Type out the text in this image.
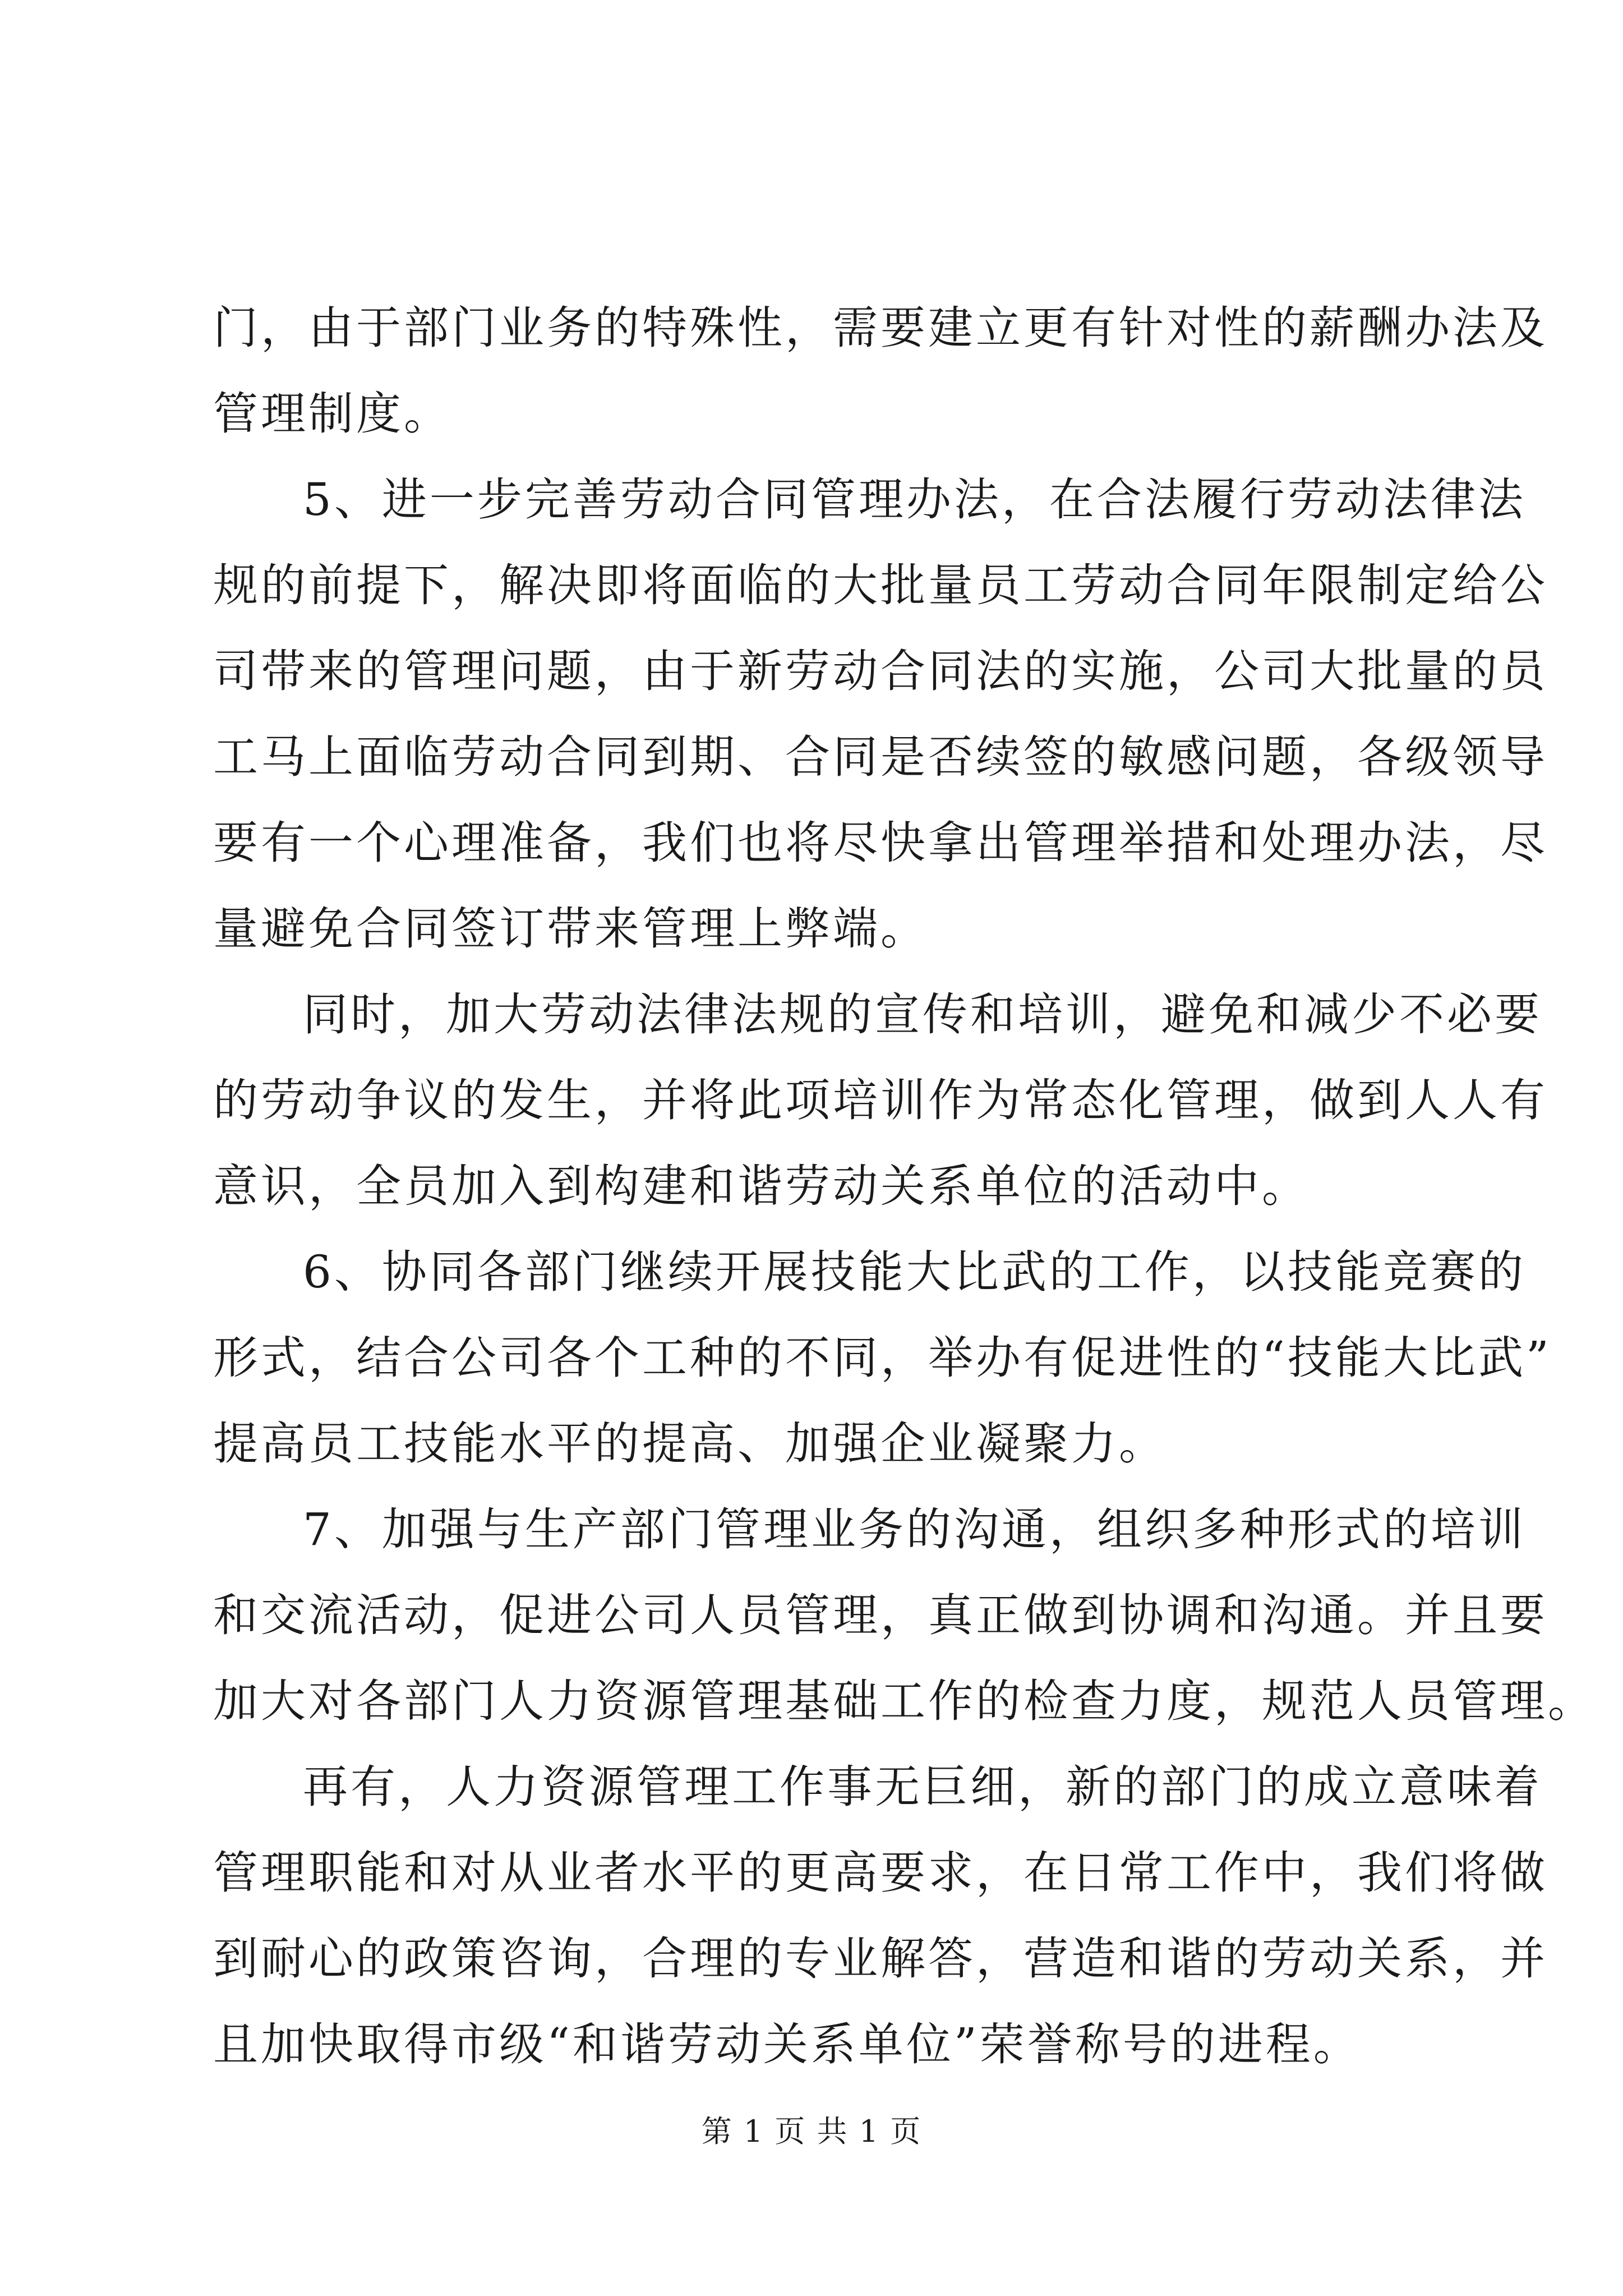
门，由于部门业务的特殊性，需要建立更有针对性的薪酬办法及
管理制度。
5、进一步完善劳动合同管理办法，在合法履行劳动法律法
规的前提下，解决即将面临的大批量员工劳动合同年限制定给公
司带来的管理问题，由于新劳动合同法的实施，公司大批量的员
工马上面临劳动合同到期、合同是否续签的敏感问题，各级领导
要有一个心理准备，我们也将尽快拿出管理举措和处理办法，尽
量避免合同签订带来管理上弊端。
同时，加大劳动法律法规的宣传和培训，避免和减少不必要
的劳动争议的发生，并将此项培训作为常态化管理，做到人人有
意识，全员加入到构建和谐劳动关系单位的活动中。
6、协同各部门继续开展技能大比武的工作，以技能竞赛的
形式，结合公司各个工种的不同，举办有促进性的“技能大比武”
提高员工技能水平的提高、加强企业凝聚力。
7、加强与生产部门管理业务的沟通，组织多种形式的培训
和交流活动，促进公司人员管理，真正做到协调和沟通。并且要
加大对各部门人力资源管理基础工作的检查力度，规范人员管理。
再有，人力资源管理工作事无巨细，新的部门的成立意味着
管理职能和对从业者水平的更高要求，在日常工作中，我们将做
到耐心的政策咨询，合理的专业解答，营造和谐的劳动关系，并
且加快取得市级“和谐劳动关系单位”荣誉称号的进程。
第 1 页 共 1 页
